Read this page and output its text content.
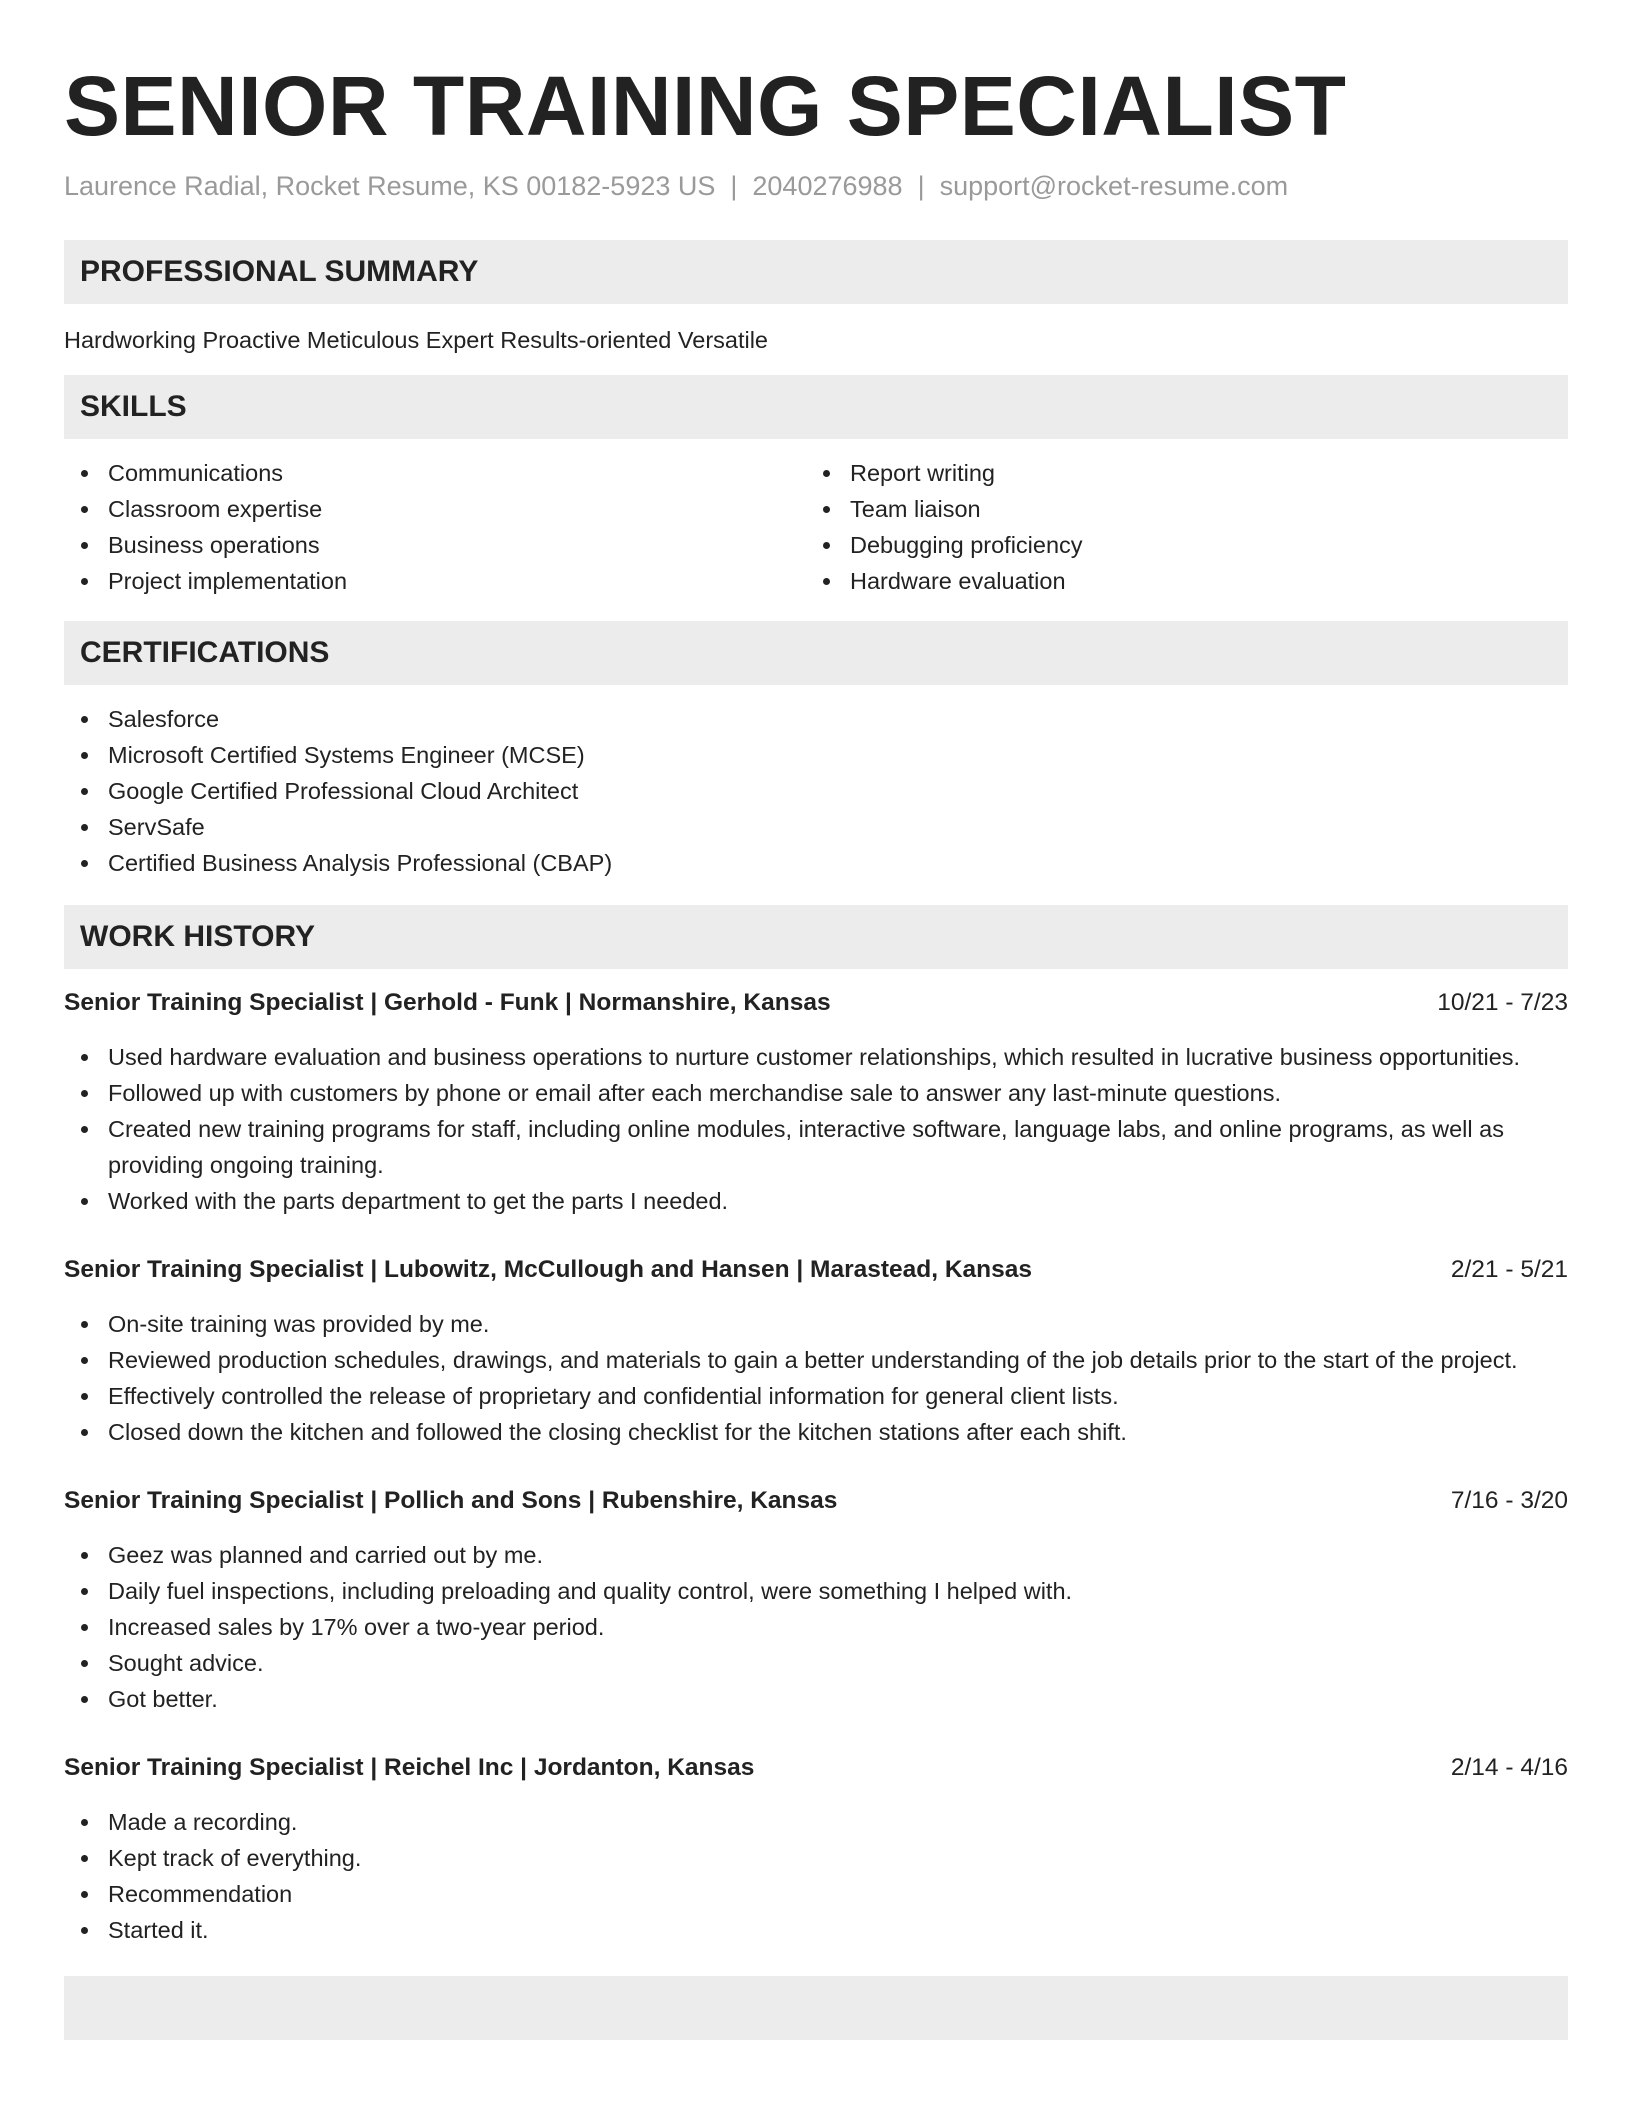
SENIOR TRAINING SPECIALIST
Laurence Radial, Rocket Resume, KS 00182-5923 US | 2040276988 | support@rocket-resume.com
PROFESSIONAL SUMMARY
Hardworking Proactive Meticulous Expert Results-oriented Versatile
SKILLS
Communications
Classroom expertise
Business operations
Project implementation
Report writing
Team liaison
Debugging proficiency
Hardware evaluation
CERTIFICATIONS
Salesforce
Microsoft Certified Systems Engineer (MCSE)
Google Certified Professional Cloud Architect
ServSafe
Certified Business Analysis Professional (CBAP)
WORK HISTORY
Senior Training Specialist | Gerhold - Funk | Normanshire, Kansas	10/21 - 7/23
Used hardware evaluation and business operations to nurture customer relationships, which resulted in lucrative business opportunities.
Followed up with customers by phone or email after each merchandise sale to answer any last-minute questions.
Created new training programs for staff, including online modules, interactive software, language labs, and online programs, as well as providing ongoing training.
Worked with the parts department to get the parts I needed.
Senior Training Specialist | Lubowitz, McCullough and Hansen | Marastead, Kansas	2/21 - 5/21
On-site training was provided by me.
Reviewed production schedules, drawings, and materials to gain a better understanding of the job details prior to the start of the project.
Effectively controlled the release of proprietary and confidential information for general client lists.
Closed down the kitchen and followed the closing checklist for the kitchen stations after each shift.
Senior Training Specialist | Pollich and Sons | Rubenshire, Kansas	7/16 - 3/20
Geez was planned and carried out by me.
Daily fuel inspections, including preloading and quality control, were something I helped with.
Increased sales by 17% over a two-year period.
Sought advice.
Got better.
Senior Training Specialist | Reichel Inc | Jordanton, Kansas	2/14 - 4/16
Made a recording.
Kept track of everything.
Recommendation
Started it.
